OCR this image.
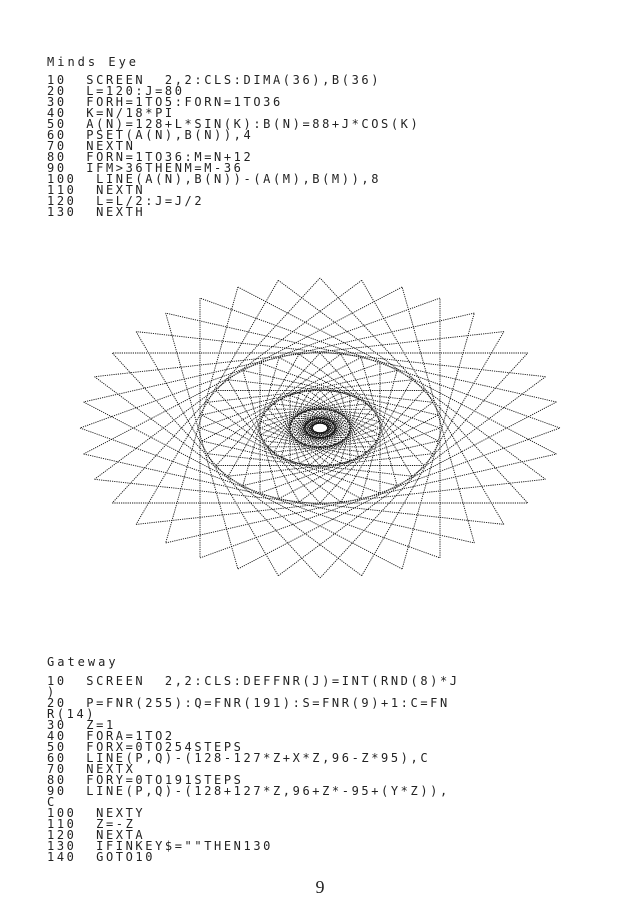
Minds Eye
10  SCREEN  2,2:CLS:DIMA(36),B(36)
20  L=120:J=80
30  FORH=1TO5:FORN=1TO36
40  K=N/18*PI
50  A(N)=128+L*SIN(K):B(N)=88+J*COS(K)
60  PSET(A(N),B(N)),4
70  NEXTN
80  FORN=1TO36:M=N+12
90  IFM>36THENM=M-36
100  LINE(A(N),B(N))-(A(M),B(M)),8
110  NEXTN
120  L=L/2:J=J/2
130  NEXTH
Gateway
10  SCREEN  2,2:CLS:DEFFNR(J)=INT(RND(8)*J
)
20  P=FNR(255):Q=FNR(191):S=FNR(9)+1:C=FN
R(14)
30  Z=1
40  FORA=1TO2
50  FORX=0TO254STEPS
60  LINE(P,Q)-(128-127*Z+X*Z,96-Z*95),C
70  NEXTX
80  FORY=0TO191STEPS
90  LINE(P,Q)-(128+127*Z,96+Z*-95+(Y*Z)),
C
100  NEXTY
110  Z=-Z
120  NEXTA
130  IFINKEY$=""THEN130
140  GOTO10
9
